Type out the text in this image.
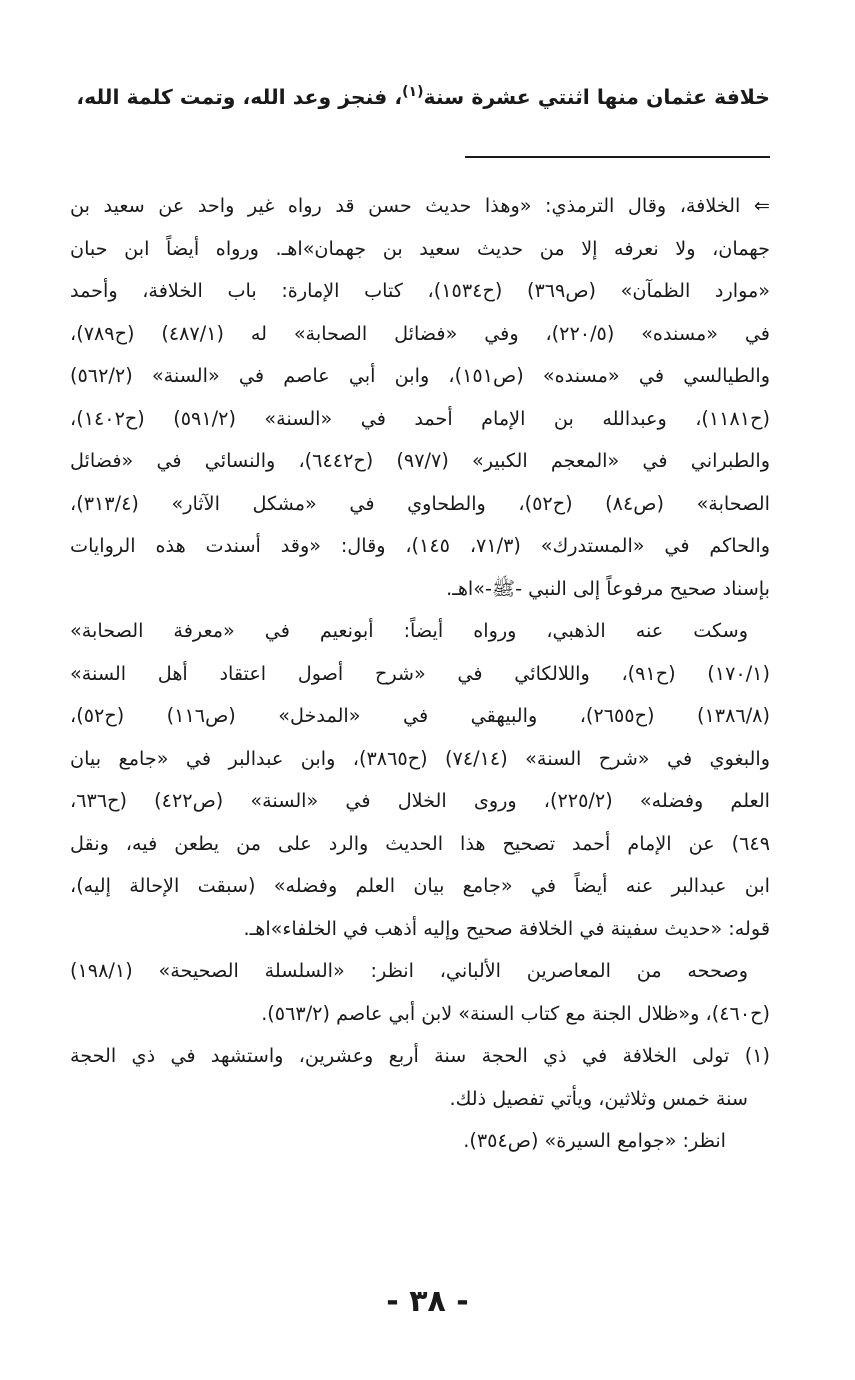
خلافة عثمان منها اثنتي عشرة سنة$^{(١)}$، فنجز وعد الله، وتمت كلمة الله،
⇐ الخلافة، وقال الترمذي: «وهذا حديث حسن قد رواه غير واحد عن سعيد بن
جهمان، ولا نعرفه إلا من حديث سعيد بن جهمان»اهـ. ورواه أيضاً ابن حبان
«موارد الظمآن» (ص٣٦٩) (ح١٥٣٤)، كتاب الإمارة: باب الخلافة، وأحمد
في «مسنده» (٢٢٠/٥)، وفي «فضائل الصحابة» له (٤٨٧/١) (ح٧٨٩)،
والطيالسي في «مسنده» (ص١٥١)، وابن أبي عاصم في «السنة» (٥٦٢/٢)
(ح١١٨١)، وعبدالله بن الإمام أحمد في «السنة» (٥٩١/٢) (ح١٤٠٢)،
والطبراني في «المعجم الكبير» (٩٧/٧) (ح٦٤٤٢)، والنسائي في «فضائل
الصحابة» (ص٨٤) (ح٥٢)، والطحاوي في «مشكل الآثار» (٣١٣/٤)،
والحاكم في «المستدرك» (٧١/٣، ١٤٥)، وقال: «وقد أسندت هذه الروايات
بإسناد صحيح مرفوعاً إلى النبي -ﷺ-»اهـ.
وسكت عنه الذهبي، ورواه أيضاً: أبونعيم في «معرفة الصحابة»
(١٧٠/١) (ح٩١)، واللالكائي في «شرح أصول اعتقاد أهل السنة»
(١٣٨٦/٨) (ح٢٦٥٥)، والبيهقي في «المدخل» (ص١١٦) (ح٥٢)،
والبغوي في «شرح السنة» (٧٤/١٤) (ح٣٨٦٥)، وابن عبدالبر في «جامع بيان
العلم وفضله» (٢٢٥/٢)، وروى الخلال في «السنة» (ص٤٢٢) (ح٦٣٦،
٦٤٩) عن الإمام أحمد تصحيح هذا الحديث والرد على من يطعن فيه، ونقل
ابن عبدالبر عنه أيضاً في «جامع بيان العلم وفضله» (سبقت الإحالة إليه)،
قوله: «حديث سفينة في الخلافة صحيح وإليه أذهب في الخلفاء»اهـ.
وصححه من المعاصرين الألباني، انظر: «السلسلة الصحيحة» (١٩٨/١)
(ح٤٦٠)، و«ظلال الجنة مع كتاب السنة» لابن أبي عاصم (٥٦٣/٢).
(١) تولى الخلافة في ذي الحجة سنة أربع وعشرين، واستشهد في ذي الحجة
سنة خمس وثلاثين، ويأتي تفصيل ذلك.
انظر: «جوامع السيرة» (ص٣٥٤).
- ٣٨ -
